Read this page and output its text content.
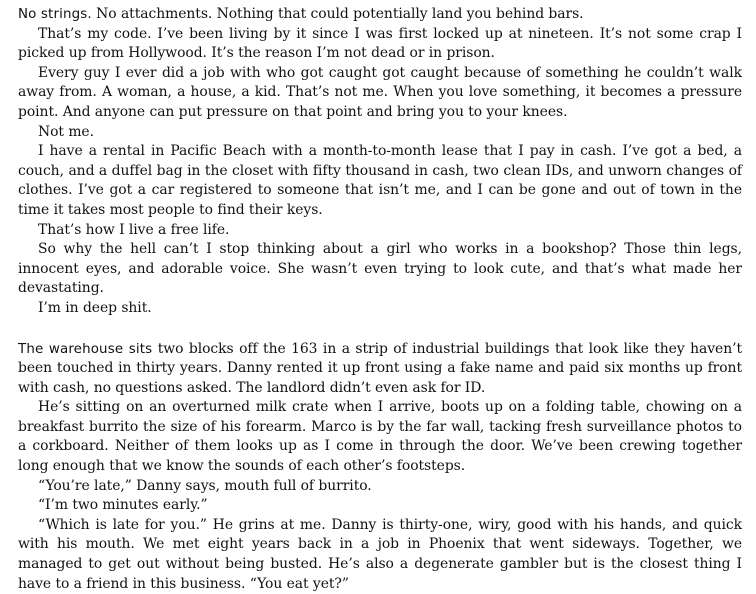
No strings. No attachments. Nothing that could potentially land you behind bars.

That’s my code. I’ve been living by it since I was first locked up at nineteen. It’s not some crap I picked up from Hollywood. It’s the reason I’m not dead or in prison.

Every guy I ever did a job with who got caught got caught because of something he couldn’t walk away from. A woman, a house, a kid. That’s not me. When you love something, it becomes a pressure point. And anyone can put pressure on that point and bring you to your knees.

Not me.

I have a rental in Pacific Beach with a month-to-month lease that I pay in cash. I’ve got a bed, a couch, and a duffel bag in the closet with fifty thousand in cash, two clean IDs, and unworn changes of clothes. I’ve got a car registered to someone that isn’t me, and I can be gone and out of town in the time it takes most people to find their keys.

That’s how I live a free life.

So why the hell can’t I stop thinking about a girl who works in a bookshop? Those thin legs, innocent eyes, and adorable voice. She wasn’t even trying to look cute, and that’s what made her devastating.

I’m in deep shit.

The warehouse sits two blocks off the 163 in a strip of industrial buildings that look like they haven’t been touched in thirty years. Danny rented it up front using a fake name and paid six months up front with cash, no questions asked. The landlord didn’t even ask for ID.

He’s sitting on an overturned milk crate when I arrive, boots up on a folding table, chowing on a breakfast burrito the size of his forearm. Marco is by the far wall, tacking fresh surveillance photos to a corkboard. Neither of them looks up as I come in through the door. We’ve been crewing together long enough that we know the sounds of each other’s footsteps.

“You’re late,” Danny says, mouth full of burrito.

“I’m two minutes early.”

“Which is late for you.” He grins at me. Danny is thirty-one, wiry, good with his hands, and quick with his mouth. We met eight years back in a job in Phoenix that went sideways. Together, we managed to get out without being busted. He’s also a degenerate gambler but is the closest thing I have to a friend in this business. “You eat yet?”
